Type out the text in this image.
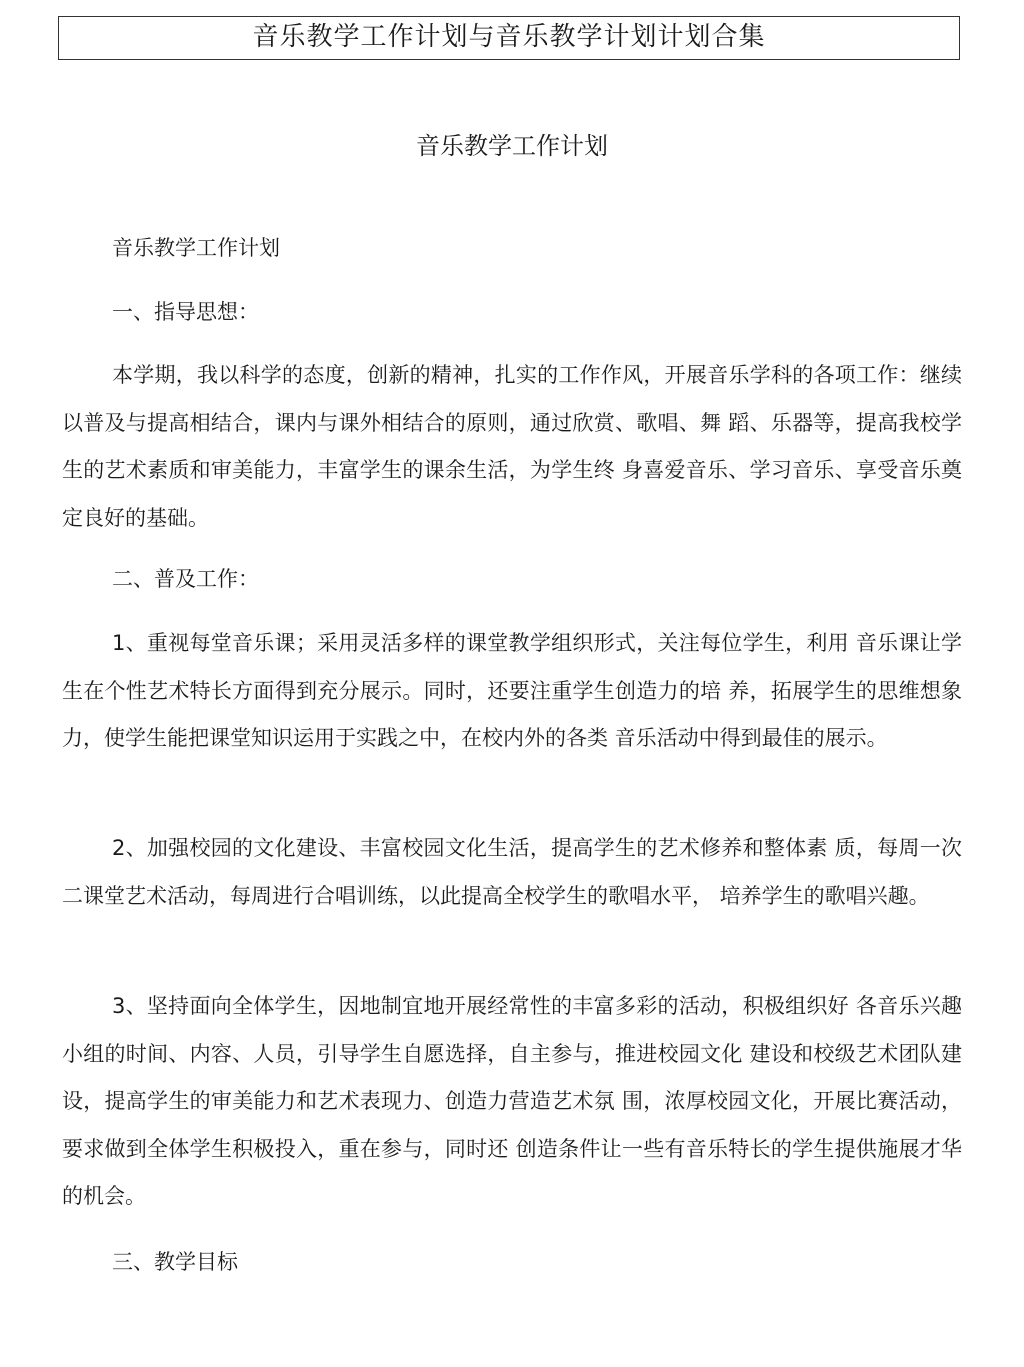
音乐教学工作计划与音乐教学计划计划合集
音乐教学工作计划
音乐教学工作计划
一、指导思想：

本学期，我以科学的态度，创新的精神，扎实的工作作风，开展音乐学科的各项工作：继续以普及与提高相结合，课内与课外相结合的原则，通过欣赏、歌唱、舞 蹈、乐器等，提高我校学生的艺术素质和审美能力，丰富学生的课余生活，为学生终 身喜爱音乐、学习音乐、享受音乐奠定良好的基础。

二、普及工作：

1、重视每堂音乐课；采用灵活多样的课堂教学组织形式，关注每位学生，利用 音乐课让学生在个性艺术特长方面得到充分展示。同时，还要注重学生创造力的培 养，拓展学生的思维想象力，使学生能把课堂知识运用于实践之中，在校内外的各类 音乐活动中得到最佳的展示。

2、加强校园的文化建设、丰富校园文化生活，提高学生的艺术修养和整体素 质，每周一次二课堂艺术活动，每周进行合唱训练，以此提高全校学生的歌唱水平， 培养学生的歌唱兴趣。

3、坚持面向全体学生，因地制宜地开展经常性的丰富多彩的活动，积极组织好 各音乐兴趣小组的时间、内容、人员，引导学生自愿选择，自主参与，推进校园文化 建设和校级艺术团队建设，提高学生的审美能力和艺术表现力、创造力营造艺术氛 围，浓厚校园文化，开展比赛活动，要求做到全体学生积极投入，重在参与，同时还 创造条件让一些有音乐特长的学生提供施展才华的机会。

三、教学目标
